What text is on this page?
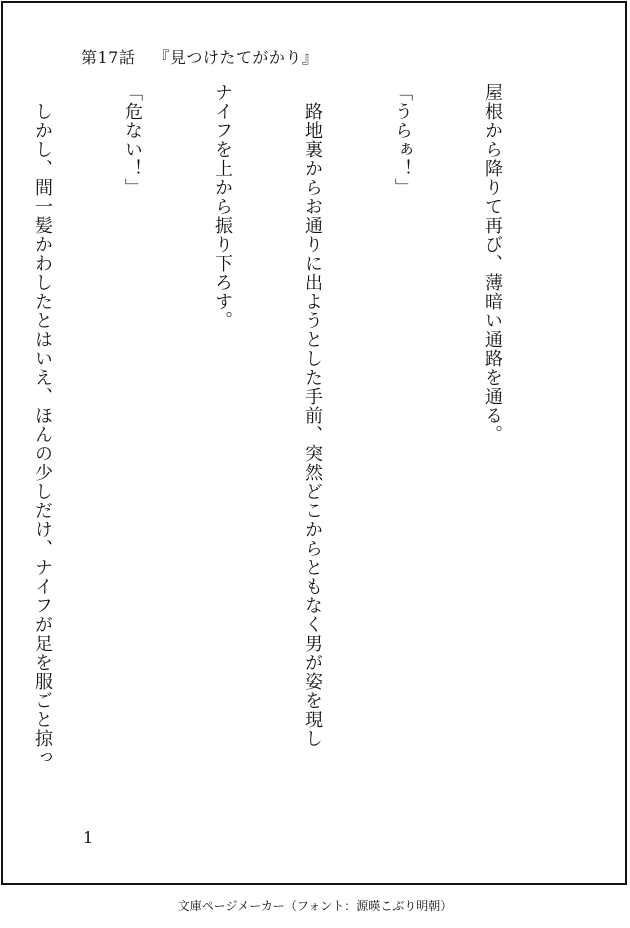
第17話 『見つけたてがかり』

屋根から降りて再び、薄暗い通路を通る。

「うらぁ！」

　路地裏からお通りに出ようとした手前、突然どこからともなく男が姿を現し

ナイフを上から振り下ろす。

「危ない！」

　しかし、間一髪かわしたとはいえ、ほんの少しだけ、ナイフが足を服ごと掠っ

1
文庫ページメーカー（フォント：源暎こぶり明朝）
